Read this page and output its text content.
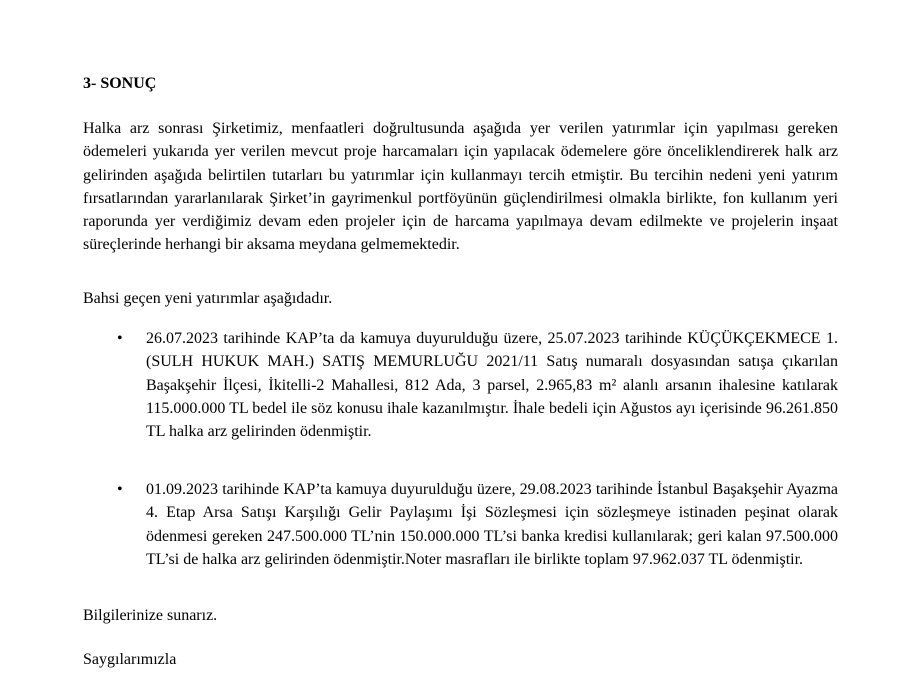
3- SONUÇ

Halka arz sonrası Şirketimiz, menfaatleri doğrultusunda aşağıda yer verilen yatırımlar için yapılması gereken ödemeleri yukarıda yer verilen mevcut proje harcamaları için yapılacak ödemelere göre önceliklendirerek halk arz gelirinden aşağıda belirtilen tutarları bu yatırımlar için kullanmayı tercih etmiştir. Bu tercihin nedeni yeni yatırım fırsatlarından yararlanılarak Şirket’in gayrimenkul portföyünün güçlendirilmesi olmakla birlikte, fon kullanım yeri raporunda yer verdiğimiz devam eden projeler için de harcama yapılmaya devam edilmekte ve projelerin inşaat süreçlerinde herhangi bir aksama meydana gelmemektedir.

Bahsi geçen yeni yatırımlar aşağıdadır.

• 26.07.2023 tarihinde KAP’ta da kamuya duyurulduğu üzere, 25.07.2023 tarihinde KÜÇÜKÇEKMECE 1. (SULH HUKUK MAH.) SATIŞ MEMURLUĞU 2021/11 Satış numaralı dosyasından satışa çıkarılan Başakşehir İlçesi, İkitelli-2 Mahallesi, 812 Ada, 3 parsel, 2.965,83 m² alanlı arsanın ihalesine katılarak 115.000.000 TL bedel ile söz konusu ihale kazanılmıştır. İhale bedeli için Ağustos ayı içerisinde 96.261.850 TL halka arz gelirinden ödenmiştir.
• 01.09.2023 tarihinde KAP’ta kamuya duyurulduğu üzere, 29.08.2023 tarihinde İstanbul Başakşehir Ayazma 4. Etap Arsa Satışı Karşılığı Gelir Paylaşımı İşi Sözleşmesi için sözleşmeye istinaden peşinat olarak ödenmesi gereken 247.500.000 TL’nin 150.000.000 TL’si banka kredisi kullanılarak; geri kalan 97.500.000 TL’si de halka arz gelirinden ödenmiştir.Noter masrafları ile birlikte toplam 97.962.037 TL ödenmiştir.
Bilgilerinize sunarız.
Saygılarımızla
